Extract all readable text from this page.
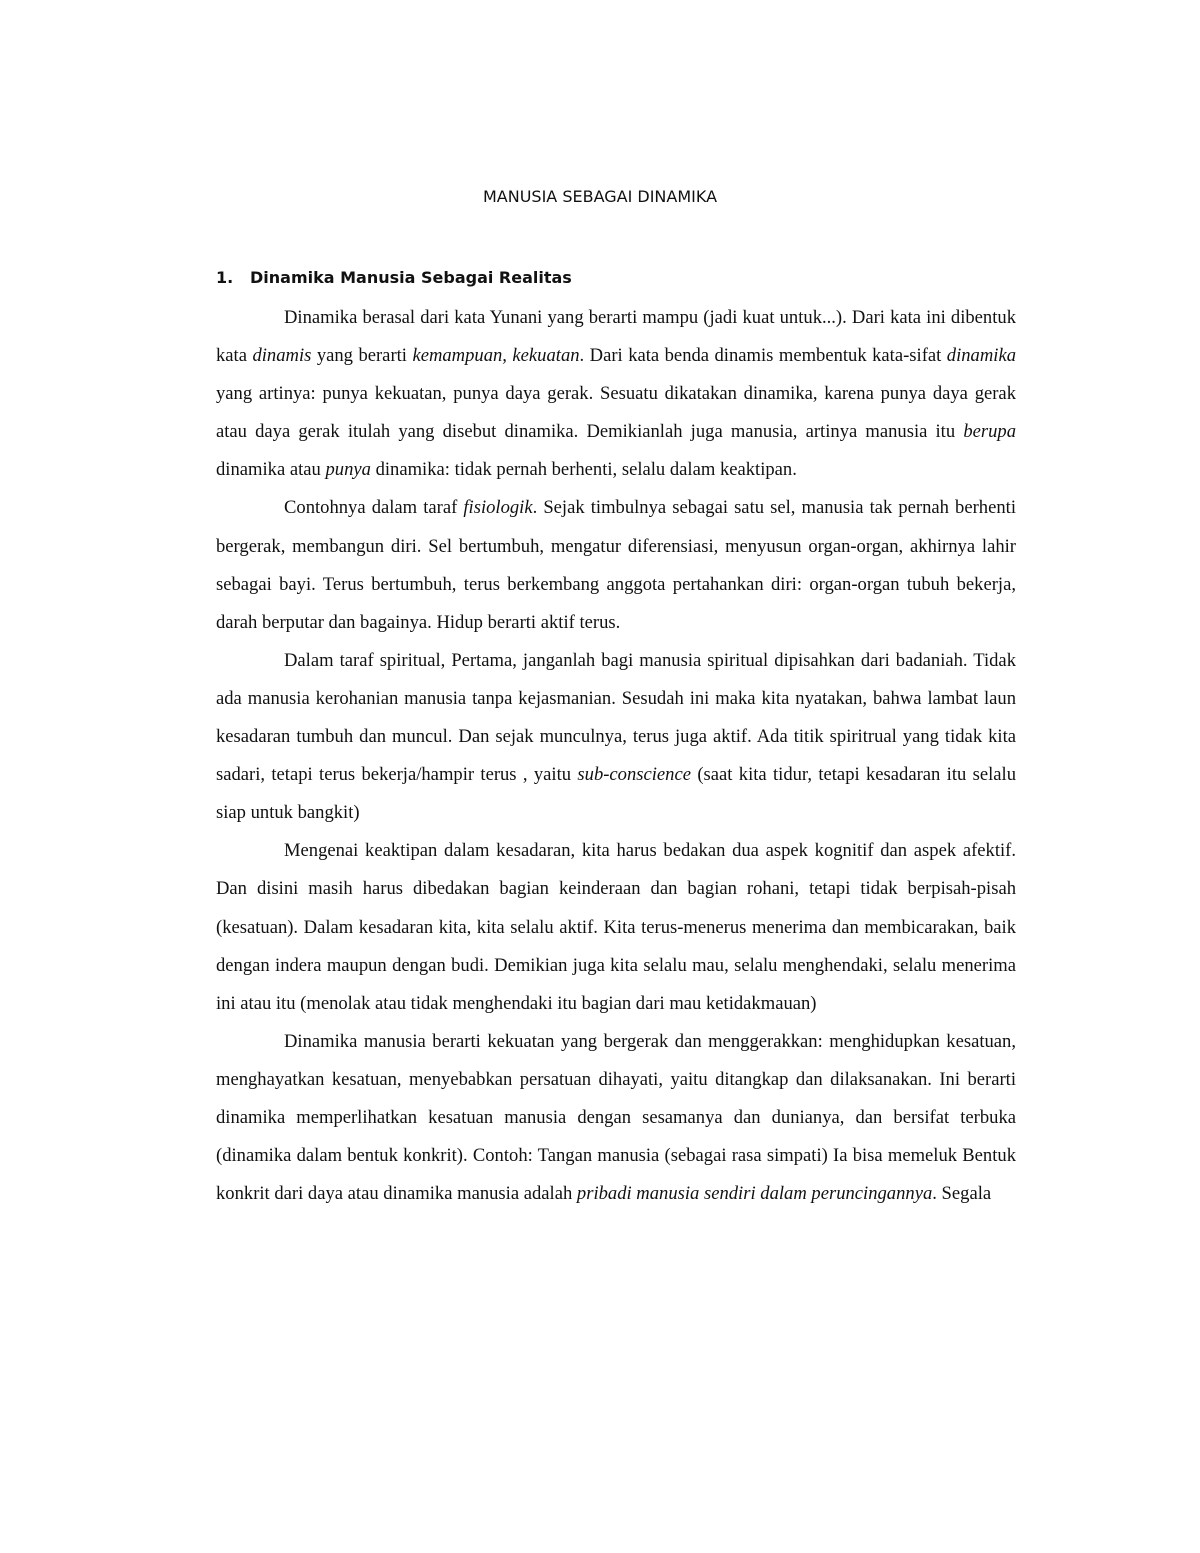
MANUSIA SEBAGAI DINAMIKA
1.	Dinamika Manusia Sebagai Realitas

Dinamika berasal dari kata Yunani yang berarti mampu (jadi kuat untuk...). Dari kata ini dibentuk kata dinamis yang berarti kemampuan, kekuatan. Dari kata benda dinamis membentuk kata-sifat dinamika yang artinya: punya kekuatan, punya daya gerak. Sesuatu dikatakan dinamika, karena punya daya gerak atau daya gerak itulah yang disebut dinamika. Demikianlah juga manusia, artinya manusia itu berupa dinamika atau punya dinamika: tidak pernah berhenti, selalu dalam keaktipan.

Contohnya dalam taraf fisiologik. Sejak timbulnya sebagai satu sel, manusia tak pernah berhenti bergerak, membangun diri. Sel bertumbuh, mengatur diferensiasi, menyusun organ-organ, akhirnya lahir sebagai bayi. Terus bertumbuh, terus berkembang anggota pertahankan diri: organ-organ tubuh bekerja, darah berputar dan bagainya. Hidup berarti aktif terus.

Dalam taraf spiritual, Pertama, janganlah bagi manusia spiritual dipisahkan dari badaniah. Tidak ada manusia kerohanian manusia tanpa kejasmanian. Sesudah ini maka kita nyatakan, bahwa lambat laun kesadaran tumbuh dan muncul. Dan sejak munculnya, terus juga aktif. Ada titik spiritrual yang tidak kita sadari, tetapi terus bekerja/hampir terus , yaitu sub-conscience (saat kita tidur, tetapi kesadaran itu selalu siap untuk bangkit)

Mengenai keaktipan dalam kesadaran, kita harus bedakan dua aspek kognitif dan aspek afektif. Dan disini masih harus dibedakan bagian keinderaan dan bagian rohani, tetapi tidak berpisah-pisah (kesatuan). Dalam kesadaran kita, kita selalu aktif. Kita terus-menerus menerima dan membicarakan, baik dengan indera maupun dengan budi. Demikian juga kita selalu mau, selalu menghendaki, selalu menerima ini atau itu (menolak atau tidak menghendaki itu bagian dari mau ketidakmauan)

Dinamika manusia berarti kekuatan yang bergerak dan menggerakkan: menghidupkan kesatuan, menghayatkan kesatuan, menyebabkan persatuan dihayati, yaitu ditangkap dan dilaksanakan. Ini berarti dinamika memperlihatkan kesatuan manusia dengan sesamanya dan dunianya, dan bersifat terbuka (dinamika dalam bentuk konkrit). Contoh: Tangan manusia (sebagai rasa simpati) Ia bisa memeluk Bentuk konkrit dari daya atau dinamika manusia adalah pribadi manusia sendiri dalam peruncingannya. Segala
